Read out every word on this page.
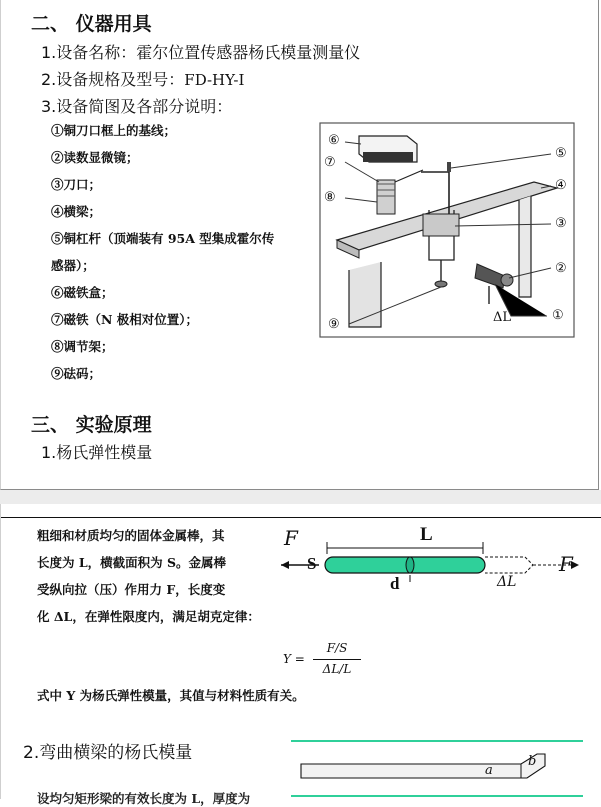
二、 仪器用具
1.设备名称：霍尔位置传感器杨氏模量测量仪
2.设备规格及型号：FD-HY-I
3.设备简图及各部分说明：
①铜刀口框上的基线；
②读数显微镜；
③刀口；
④横梁；
⑤铜杠杆（顶端装有 95A 型集成霍尔传
感器）；
⑥磁铁盒；
⑦磁铁（N 极相对位置）；
⑧调节架；
⑨砝码；
⑥
⑦
⑧
⑨
⑤
④
③
②
①
ΔL
三、 实验原理
1.杨氏弹性模量
粗细和材质均匀的固体金属棒，其
长度为 L，横截面积为 S。金属棒
受纵向拉（压）作用力 F，长度变
化 ΔL，在弹性限度内，满足胡克定律：
F
S
L
d	ΔL
F
Y =
F/S
ΔL/L
式中 Y 为杨氏弹性模量，其值与材料性质有关。
2.弯曲横梁的杨氏模量
a
b
设均匀矩形梁的有效长度为 L，厚度为
